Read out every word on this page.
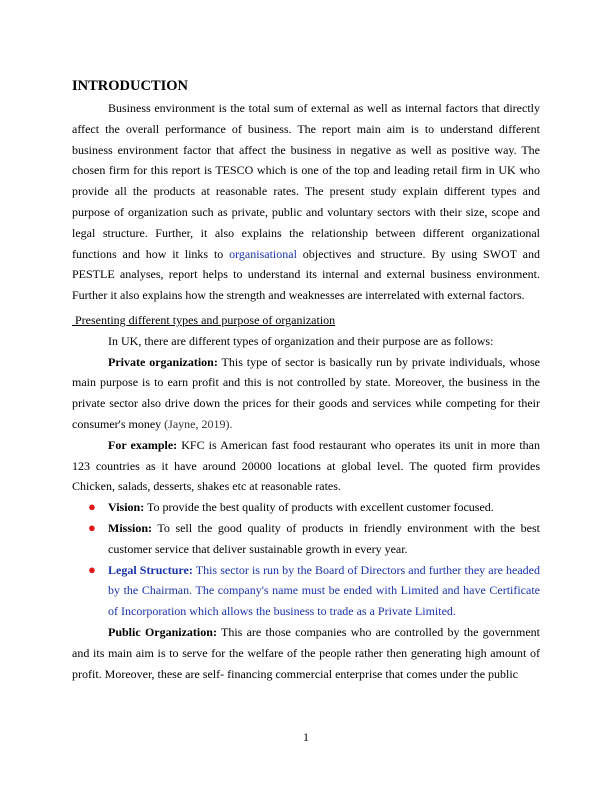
INTRODUCTION

Business environment is the total sum of external as well as internal factors that directly affect the overall performance of business. The report main aim is to understand different business environment factor that affect the business in negative as well as positive way. The chosen firm for this report is TESCO which is one of the top and leading retail firm in UK who provide all the products at reasonable rates. The present study explain different types and purpose of organization such as private, public and voluntary sectors with their size, scope and legal structure. Further, it also explains the relationship between different organizational functions and how it links to organisational objectives and structure. By using SWOT and PESTLE analyses, report helps to understand its internal and external business environment. Further it also explains how the strength and weaknesses are interrelated with external factors.

Presenting different types and purpose of organization

In UK, there are different types of organization and their purpose are as follows:

Private organization: This type of sector is basically run by private individuals, whose main purpose is to earn profit and this is not controlled by state. Moreover, the business in the private sector also drive down the prices for their goods and services while competing for their consumer's money (Jayne, 2019).

For example: KFC is American fast food restaurant who operates its unit in more than 123 countries as it have around 20000 locations at global level. The quoted firm provides Chicken, salads, desserts, shakes etc at reasonable rates.

● Vision: To provide the best quality of products with excellent customer focused.
● Mission: To sell the good quality of products in friendly environment with the best customer service that deliver sustainable growth in every year.
● Legal Structure: This sector is run by the Board of Directors and further they are headed by the Chairman. The company's name must be ended with Limited and have Certificate of Incorporation which allows the business to trade as a Private Limited.

Public Organization: This are those companies who are controlled by the government and its main aim is to serve for the welfare of the people rather then generating high amount of profit. Moreover, these are self- financing commercial enterprise that comes under the public

1
